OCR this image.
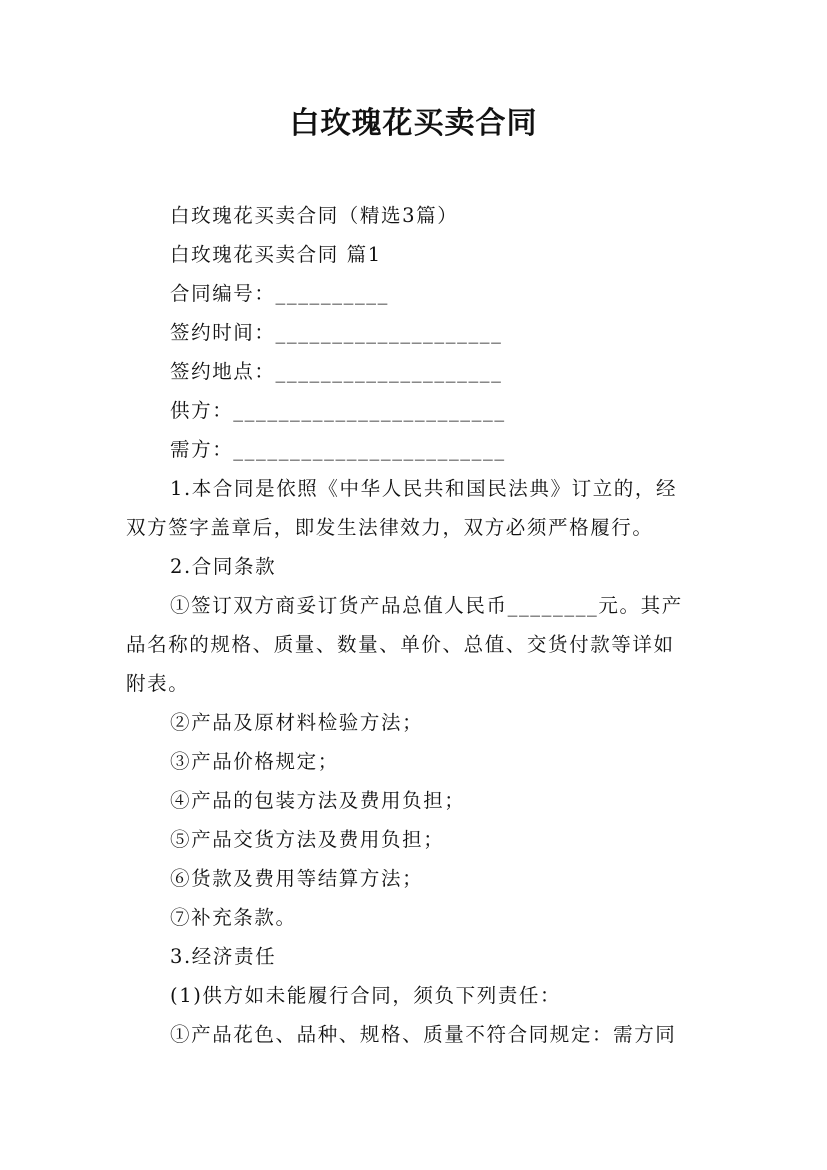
白玫瑰花买卖合同
白玫瑰花买卖合同（精选3篇）
白玫瑰花买卖合同 篇1
合同编号：__________
签约时间：____________________
签约地点：____________________
供方：________________________
需方：________________________
1.本合同是依照《中华人民共和国民法典》订立的，经
双方签字盖章后，即发生法律效力，双方必须严格履行。
2.合同条款
①签订双方商妥订货产品总值人民币________元。其产
品名称的规格、质量、数量、单价、总值、交货付款等详如
附表。
②产品及原材料检验方法；
③产品价格规定；
④产品的包装方法及费用负担；
⑤产品交货方法及费用负担；
⑥货款及费用等结算方法；
⑦补充条款。
3.经济责任
(1)供方如未能履行合同，须负下列责任：
①产品花色、品种、规格、质量不符合同规定：需方同
